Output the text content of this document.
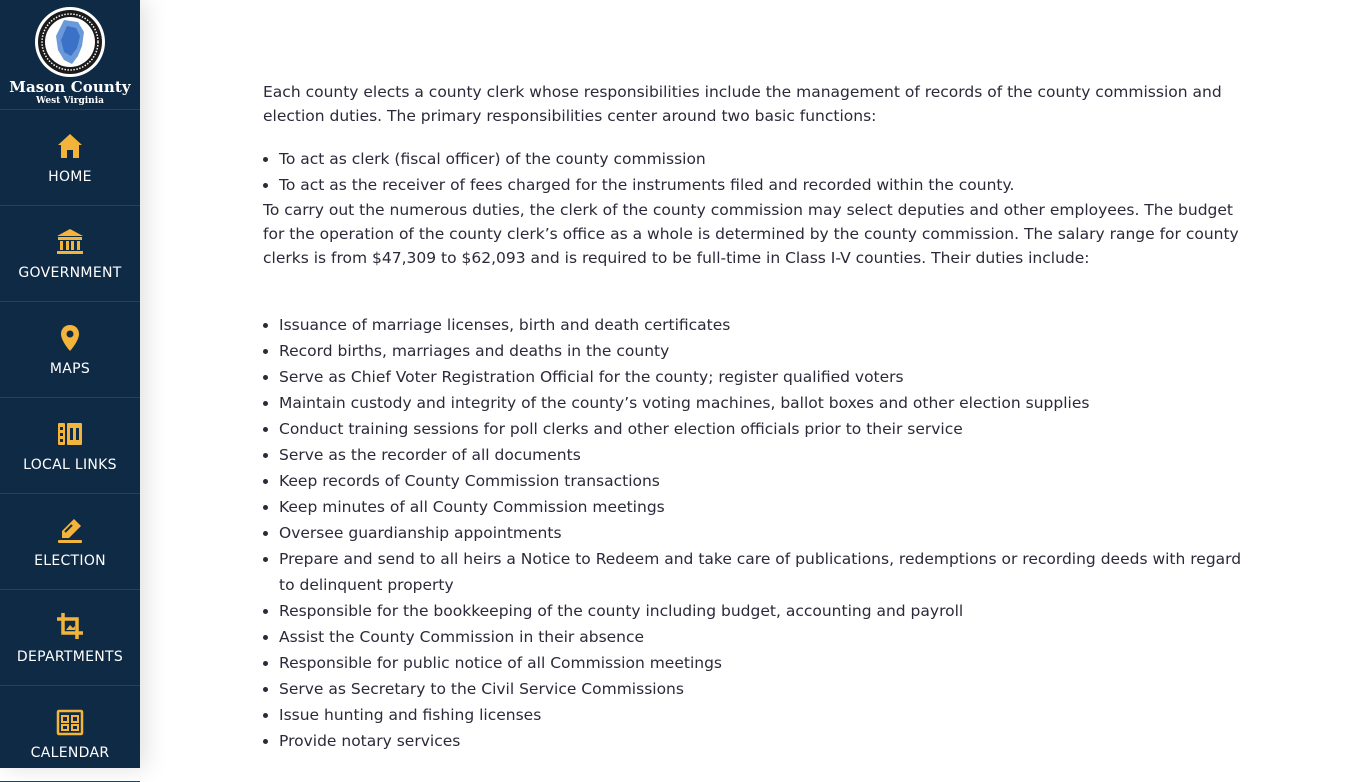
Mason County
West Virginia
HOME
GOVERNMENT
MAPS
LOCAL LINKS
ELECTION
DEPARTMENTS
CALENDAR

Each county elects a county clerk whose responsibilities include the management of records of the county commission and election duties. The primary responsibilities center around two basic functions:

• To act as clerk (fiscal officer) of the county commission
• To act as the receiver of fees charged for the instruments filed and recorded within the county.

To carry out the numerous duties, the clerk of the county commission may select deputies and other employees. The budget for the operation of the county clerk’s office as a whole is determined by the county commission. The salary range for county clerks is from $47,309 to $62,093 and is required to be full-time in Class I-V counties. Their duties include:

• Issuance of marriage licenses, birth and death certificates
• Record births, marriages and deaths in the county
• Serve as Chief Voter Registration Official for the county; register qualified voters
• Maintain custody and integrity of the county’s voting machines, ballot boxes and other election supplies
• Conduct training sessions for poll clerks and other election officials prior to their service
• Serve as the recorder of all documents
• Keep records of County Commission transactions
• Keep minutes of all County Commission meetings
• Oversee guardianship appointments
• Prepare and send to all heirs a Notice to Redeem and take care of publications, redemptions or recording deeds with regard to delinquent property
• Responsible for the bookkeeping of the county including budget, accounting and payroll
• Assist the County Commission in their absence
• Responsible for public notice of all Commission meetings
• Serve as Secretary to the Civil Service Commissions
• Issue hunting and fishing licenses
• Provide notary services
